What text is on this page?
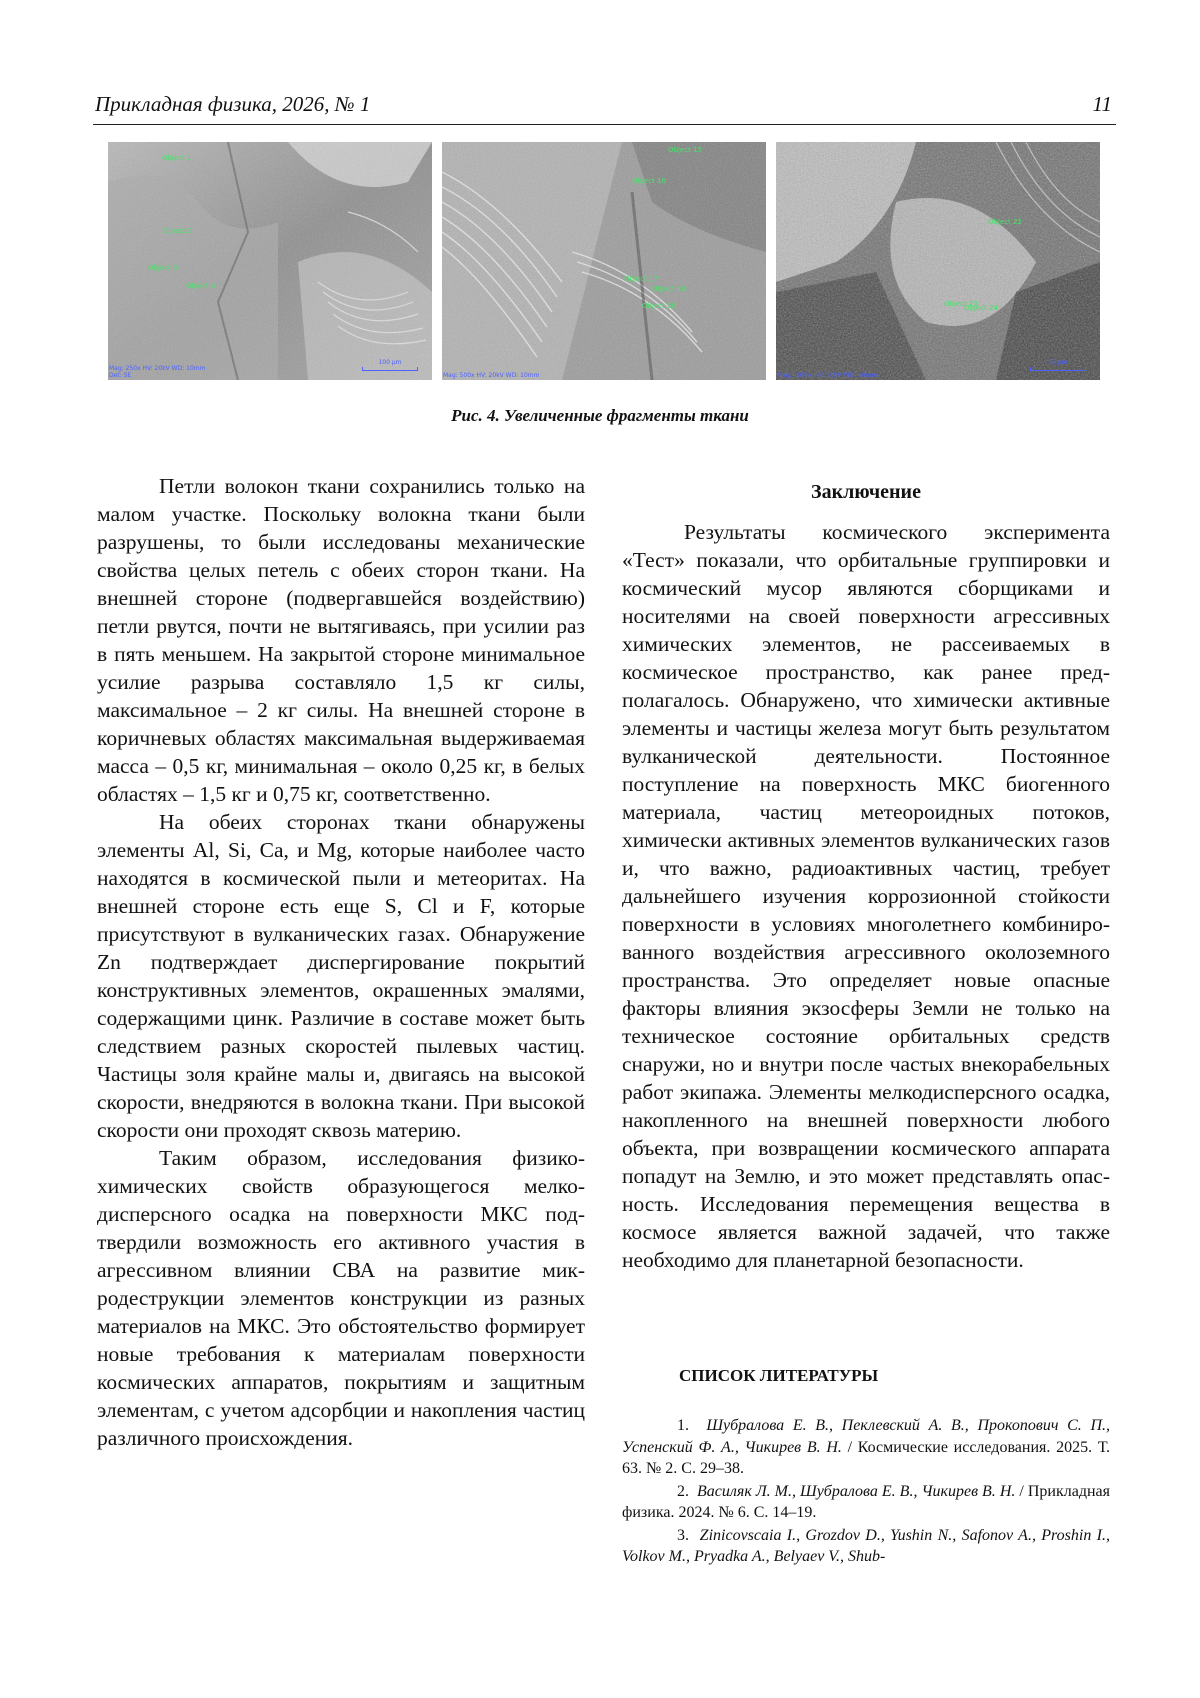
Прикладная физика, 2026, № 1	11
Object 1
Object 2
Object 3
Object 4
100 µm
Mag: 250x HV: 20kV WD: 10mm
Det: SE
Object 15
Object 16
Object 17
Object 18
Object 20
Mag: 500x HV: 20kV WD: 10mm
Object 22
Object 23
Object 24
50 µm
Mag: 1000x HV: 20kV WD: 10mm
Рис. 4. Увеличенные фрагменты ткани

Петли волокон ткани сохранились только на малом участке. Поскольку волокна ткани были разрушены, то были исследованы механические свойства целых петель с обеих сторон ткани. На внешней стороне (подвергавшейся воздействию) петли рвутся, почти не вытягиваясь, при усилии раз в пять меньшем. На закрытой стороне минимальное усилие разрыва составляло 1,5 кг силы, максимальное – 2 кг силы. На внешней стороне в коричневых областях максимальная выдерживаемая масса – 0,5 кг, минимальная – около 0,25 кг, в белых областях – 1,5 кг и 0,75 кг, соответственно.

На обеих сторонах ткани обнаружены элементы Al, Si, Ca, и Mg, которые наиболее часто находятся в космической пыли и метеоритах. На внешней стороне есть еще S, Cl и F, которые присутствуют в вулканических газах. Обнаружение Zn подтверждает диспергирование покрытий конструктивных элементов, окрашенных эмалями, содержащими цинк. Различие в составе может быть следствием разных скоростей пылевых частиц. Частицы золя крайне малы и, двигаясь на высокой скорости, внедряются в волокна ткани. При высокой скорости они проходят сквозь материю.

Таким образом, исследования физикохимических свойств образующегося мелкодисперсного осадка на поверхности МКС подтвердили возможность его активного участия в агрессивном влиянии СВА на развитие микродеструкции элементов конструкции из разных материалов на МКС. Это обстоятельство формирует новые требования к материалам поверхности космических аппаратов, покрытиям и защитным элементам, с учетом адсорбции и накопления частиц различного происхождения.

Заключение

Результаты космического эксперимента «Тест» показали, что орбитальные группировки и космический мусор являются сборщиками и носителями на своей поверхности агрессивных химических элементов, не рассеиваемых в космическое пространство, как ранее предполагалось. Обнаружено, что химически активные элементы и частицы железа могут быть результатом вулканической деятельности. Постоянное поступление на поверхность МКС биогенного материала, частиц метеороидных потоков, химически активных элементов вулканических газов и, что важно, радиоактивных частиц, требует дальнейшего изучения коррозионной стойкости поверхности в условиях многолетнего комбинированного воздействия агрессивного околоземного пространства. Это определяет новые опасные факторы влияния экзосферы Земли не только на техническое состояние орбитальных средств снаружи, но и внутри после частых внекорабельных работ экипажа. Элементы мелкодисперсного осадка, накопленного на внешней поверхности любого объекта, при возвращении космического аппарата попадут на Землю, и это может представлять опасность. Исследования перемещения вещества в космосе является важной задачей, что также необходимо для планетарной безопасности.

СПИСОК ЛИТЕРАТУРЫ

1. Шубралова Е. В., Пеклевский А. В., Прокопович С. П., Успенский Ф. А., Чикирев В. Н. / Космические исследования. 2025. Т. 63. № 2. С. 29–38.

2. Василяк Л. М., Шубралова Е. В., Чикирев В. Н. / Прикладная физика. 2024. № 6. С. 14–19.

3. Zinicovscaia I., Grozdov D., Yushin N., Safonov A., Proshin I., Volkov M., Pryadka A., Belyaev V., Shub-
